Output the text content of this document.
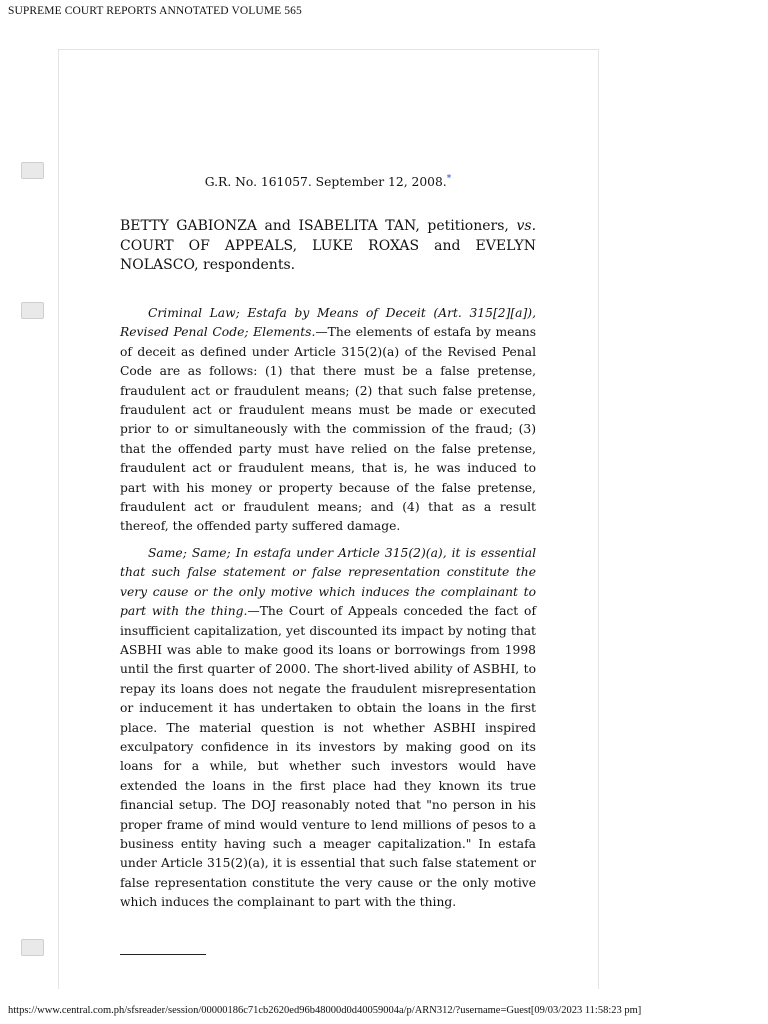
SUPREME COURT REPORTS ANNOTATED VOLUME 565
G.R. No. 161057. September 12, 2008.*
BETTY GABIONZA and ISABELITA TAN, petitioners, vs. COURT OF APPEALS, LUKE ROXAS and EVELYN NOLASCO, respondents.

Criminal Law; Estafa by Means of Deceit (Art. 315[2][a]), Revised Penal Code; Elements.—The elements of estafa by means of deceit as defined under Article 315(2)(a) of the Revised Penal Code are as follows: (1) that there must be a false pretense, fraudulent act or fraudulent means; (2) that such false pretense, fraudulent act or fraudulent means must be made or executed prior to or simultaneously with the commission of the fraud; (3) that the offended party must have relied on the false pretense, fraudulent act or fraudulent means, that is, he was induced to part with his money or property because of the false pretense, fraudulent act or fraudulent means; and (4) that as a result thereof, the offended party suffered damage.

Same; Same; In estafa under Article 315(2)(a), it is essential that such false statement or false representation constitute the very cause or the only motive which induces the complainant to part with the thing.—The Court of Appeals conceded the fact of insufficient capitalization, yet discounted its impact by noting that ASBHI was able to make good its loans or borrowings from 1998 until the first quarter of 2000. The short-lived ability of ASBHI, to repay its loans does not negate the fraudulent misrepresentation or inducement it has undertaken to obtain the loans in the first place. The material question is not whether ASBHI inspired exculpatory confidence in its investors by making good on its loans for a while, but whether such investors would have extended the loans in the first place had they known its true financial setup. The DOJ reasonably noted that "no person in his proper frame of mind would venture to lend millions of pesos to a business entity having such a meager capitalization." In estafa under Article 315(2)(a), it is essential that such false statement or false representation constitute the very cause or the only motive which induces the complainant to part with the thing.

https://www.central.com.ph/sfsreader/session/00000186c71cb2620ed96b48000d0d40059004a/p/ARN312/?username=Guest[09/03/2023 11:58:23 pm]
